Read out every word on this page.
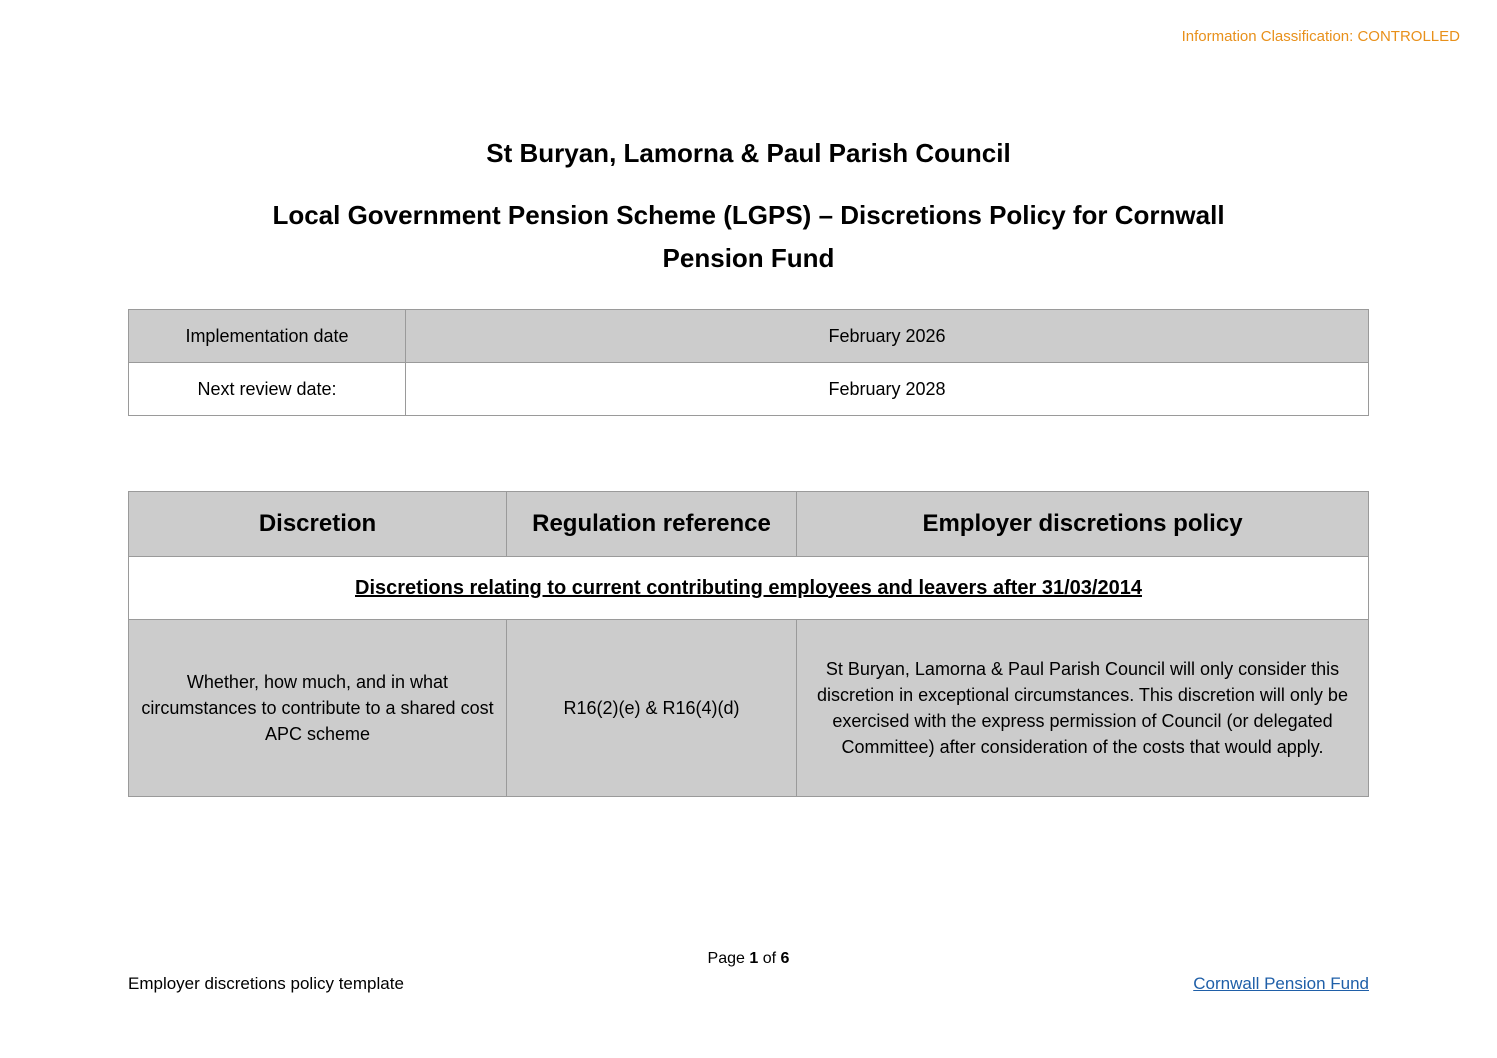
Information Classification: CONTROLLED
St Buryan, Lamorna & Paul Parish Council
Local Government Pension Scheme (LGPS) – Discretions Policy for Cornwall Pension Fund
Implementation date	February 2026
Next review date:	February 2028
Discretion	Regulation reference	Employer discretions policy
Discretions relating to current contributing employees and leavers after 31/03/2014		
Whether, how much, and in what circumstances to contribute to a shared cost APC scheme	R16(2)(e) & R16(4)(d)	St Buryan, Lamorna & Paul Parish Council will only consider this discretion in exceptional circumstances. This discretion will only be exercised with the express permission of Council (or delegated Committee) after consideration of the costs that would apply.
Page 1 of 6
Employer discretions policy template	Cornwall Pension Fund
